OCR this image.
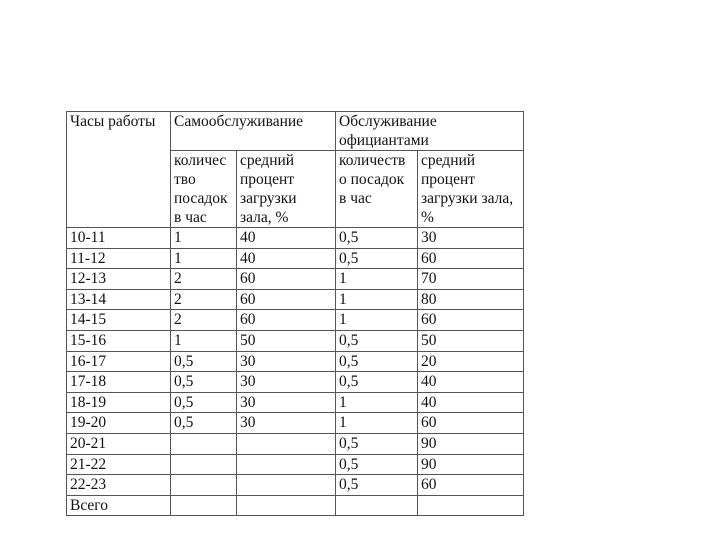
Часы работы	Самообслуживание		Обслуживание
официантами	
	количес
тво
посадок
в час	средний
процент
загрузки
зала, %	количеств
о посадок
в час	средний
процент
загрузки зала,
%
10-11	1	40	0,5	30
11-12	1	40	0,5	60
12-13	2	60	1	70
13-14	2	60	1	80
14-15	2	60	1	60
15-16	1	50	0,5	50
16-17	0,5	30	0,5	20
17-18	0,5	30	0,5	40
18-19	0,5	30	1	40
19-20	0,5	30	1	60
20-21			0,5	90
21-22			0,5	90
22-23			0,5	60
Всего				
